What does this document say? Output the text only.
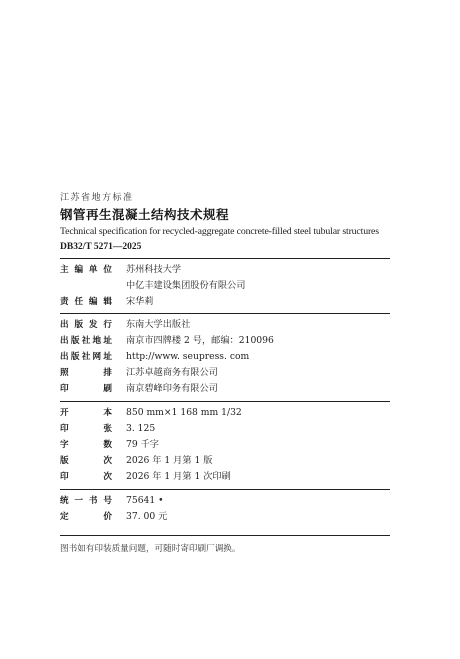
江苏省地方标准
钢管再生混凝土结构技术规程
Technical specification for recycled-aggregate concrete-filled steel tubular structures
DB32/T 5271—2025
主编单位 苏州科技大学
中亿丰建设集团股份有限公司
责任编辑 宋华莉
出版发行 东南大学出版社
出版社地址 南京市四牌楼 2 号，邮编：210096
出版社网址 http://www. seupress. com
照排 江苏卓越商务有限公司
印刷 南京碧峰印务有限公司
开本 850 mm×1 168 mm 1/32
印张 3. 125
字数 79 千字
版次 2026 年 1 月第 1 版
印次 2026 年 1 月第 1 次印刷
统一书号 75641 •
定价 37. 00 元
图书如有印装质量问题，可随时寄印刷厂调换。
